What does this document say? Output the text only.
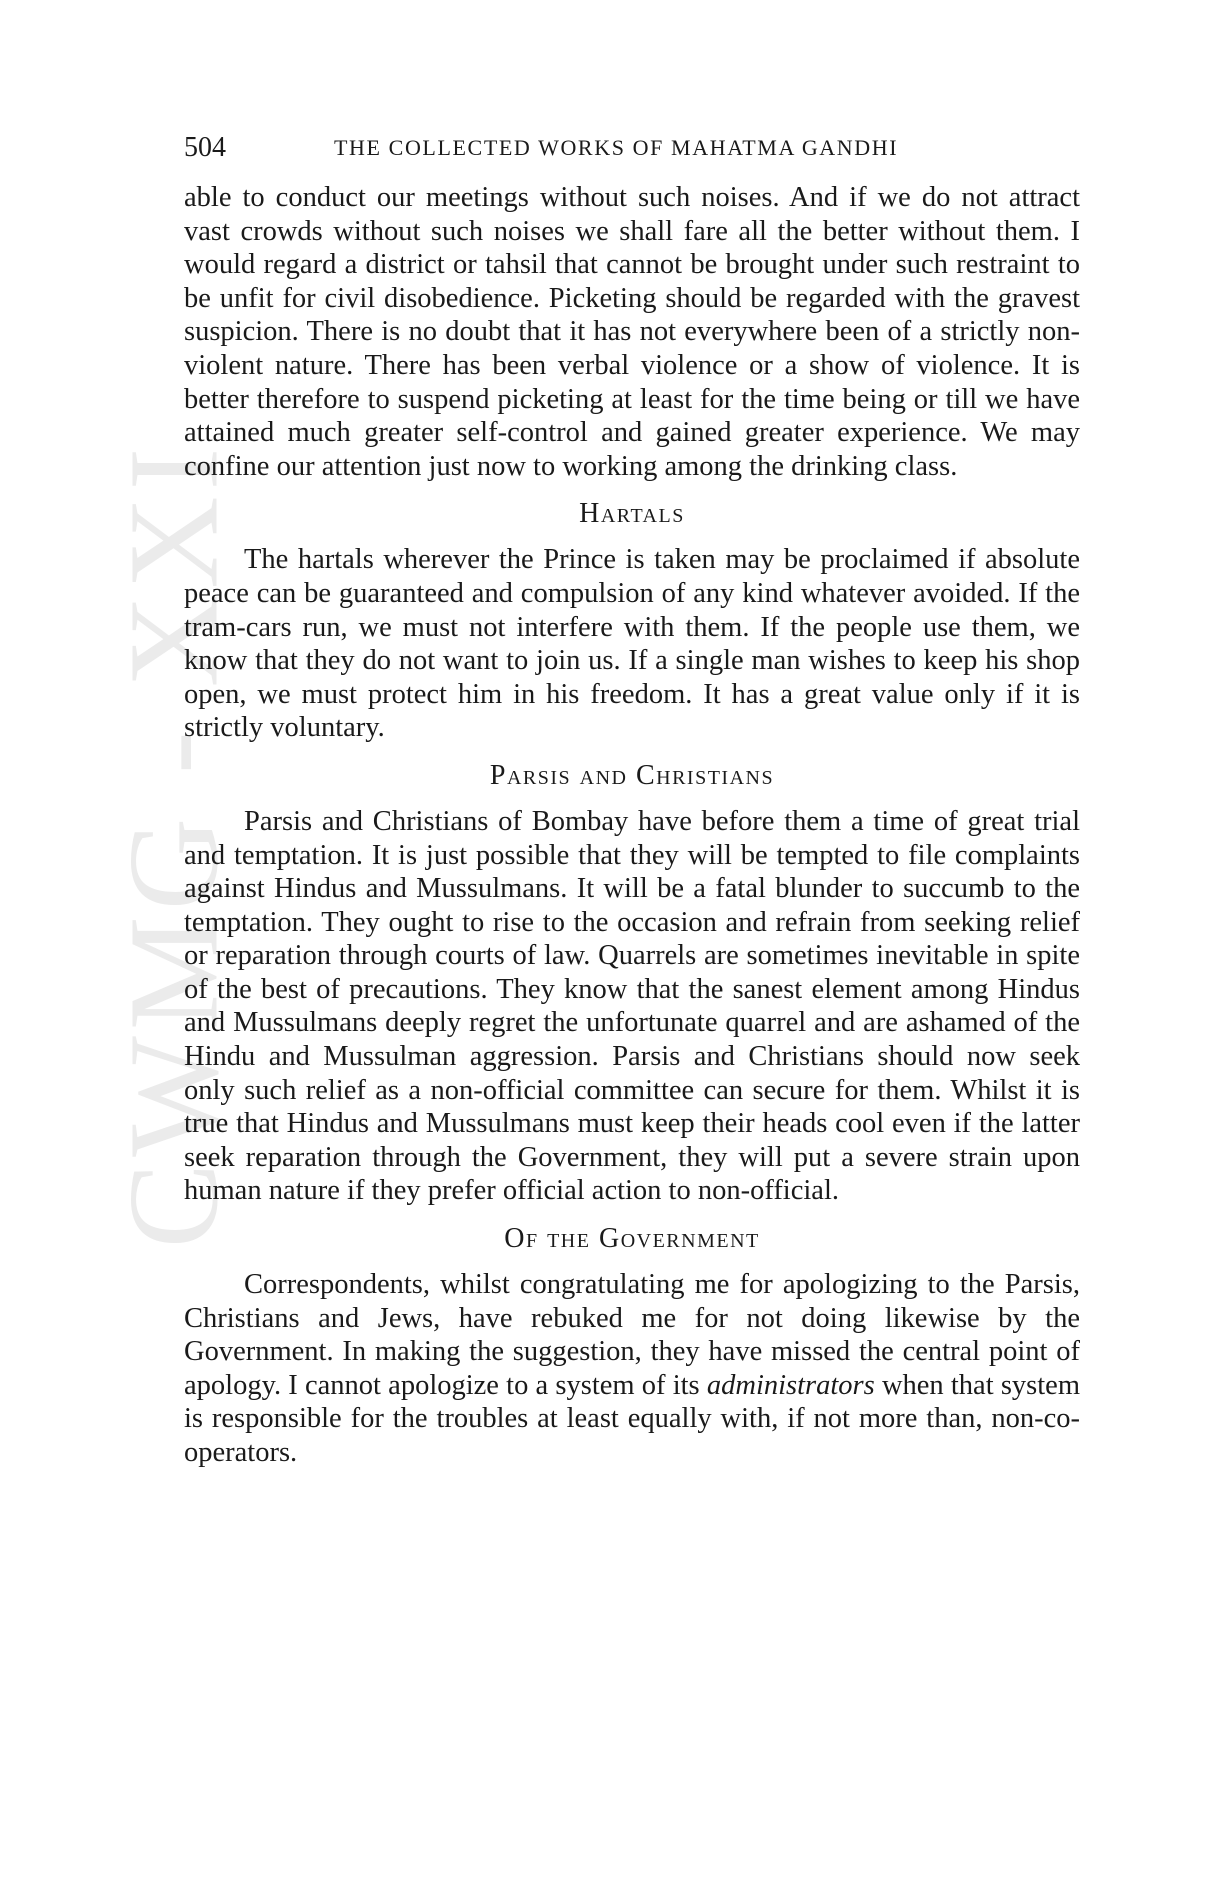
CWMG - XXI
504	THE COLLECTED WORKS OF MAHATMA GANDHI

able to conduct our meetings without such noises. And if we do not attract vast crowds without such noises we shall fare all the better without them. I would regard a district or tahsil that cannot be brought under such restraint to be unfit for civil disobedience. Picketing should be regarded with the gravest suspicion. There is no doubt that it has not everywhere been of a strictly non-violent nature. There has been verbal violence or a show of violence. It is better therefore to suspend picketing at least for the time being or till we have attained much greater self-control and gained greater experience. We may confine our attention just now to working among the drinking class.

Hartals

The hartals wherever the Prince is taken may be proclaimed if absolute peace can be guaranteed and compulsion of any kind whatever avoided. If the tram-cars run, we must not interfere with them. If the people use them, we know that they do not want to join us. If a single man wishes to keep his shop open, we must protect him in his freedom. It has a great value only if it is strictly voluntary.

Parsis and Christians

Parsis and Christians of Bombay have before them a time of great trial and temptation. It is just possible that they will be tempted to file complaints against Hindus and Mussulmans. It will be a fatal blunder to succumb to the temptation. They ought to rise to the occasion and refrain from seeking relief or reparation through courts of law. Quarrels are sometimes inevitable in spite of the best of precautions. They know that the sanest element among Hindus and Mussulmans deeply regret the unfortunate quarrel and are ashamed of the Hindu and Mussulman aggression. Parsis and Christians should now seek only such relief as a non-official committee can secure for them. Whilst it is true that Hindus and Mussulmans must keep their heads cool even if the latter seek reparation through the Government, they will put a severe strain upon human nature if they prefer official action to non-official.

Of the Government

Correspondents, whilst congratulating me for apologizing to the Parsis, Christians and Jews, have rebuked me for not doing likewise by the Government. In making the suggestion, they have missed the central point of apology. I cannot apologize to a system of its administrators when that system is responsible for the troubles at least equally with, if not more than, non-co-operators.
